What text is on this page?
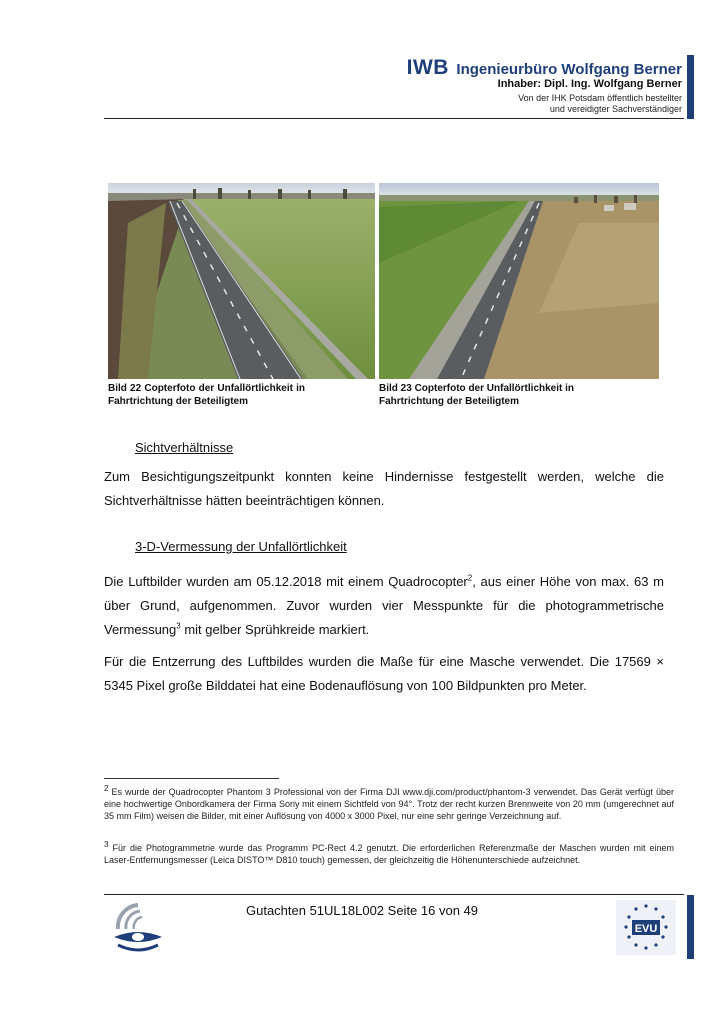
IWB Ingenieurbüro Wolfgang Berner
Inhaber: Dipl. Ing. Wolfgang Berner
Von der IHK Potsdam öffentlich bestellter
und vereidigter Sachverständiger
Bild 22 Copterfoto der Unfallörtlichkeit in Fahrtrichtung der Beteiligtem
Bild 23 Copterfoto der Unfallörtlichkeit in Fahrtrichtung der Beteiligtem
Sichtverhältnisse
Zum Besichtigungszeitpunkt konnten keine Hindernisse festgestellt werden, welche die Sichtverhältnisse hätten beeinträchtigen können.
3-D-Vermessung der Unfallörtlichkeit
Die Luftbilder wurden am 05.12.2018 mit einem Quadrocopter$^2$, aus einer Höhe von max. 63 m über Grund, aufgenommen. Zuvor wurden vier Messpunkte für die photogrammetrische Vermessung$^3$ mit gelber Sprühkreide markiert.
Für die Entzerrung des Luftbildes wurden die Maße für eine Masche verwendet. Die 17569 × 5345 Pixel große Bilddatei hat eine Bodenauflösung von 100 Bildpunkten pro Meter.
$^2$ Es wurde der Quadrocopter Phantom 3 Professional von der Firma DJI www.dji.com/product/phantom-3 verwendet. Das Gerät verfügt über eine hochwertige Onbordkamera der Firma Sony mit einem Sichtfeld von 94°. Trotz der recht kurzen Brennweite von 20 mm (umgerechnet auf 35 mm Film) weisen die Bilder, mit einer Auflösung von 4000 x 3000 Pixel, nur eine sehr geringe Verzeichnung auf.
$^3$ Für die Photogrammetrie wurde das Programm PC-Rect 4.2 genutzt. Die erforderlichen Referenzmaße der Maschen wurden mit einem Laser-Entfernungsmesser (Leica DISTO™ D810 touch) gemessen, der gleichzeitig die Höhenunterschiede aufzeichnet.
Gutachten 51UL18L002 Seite 16 von 49
EVU
